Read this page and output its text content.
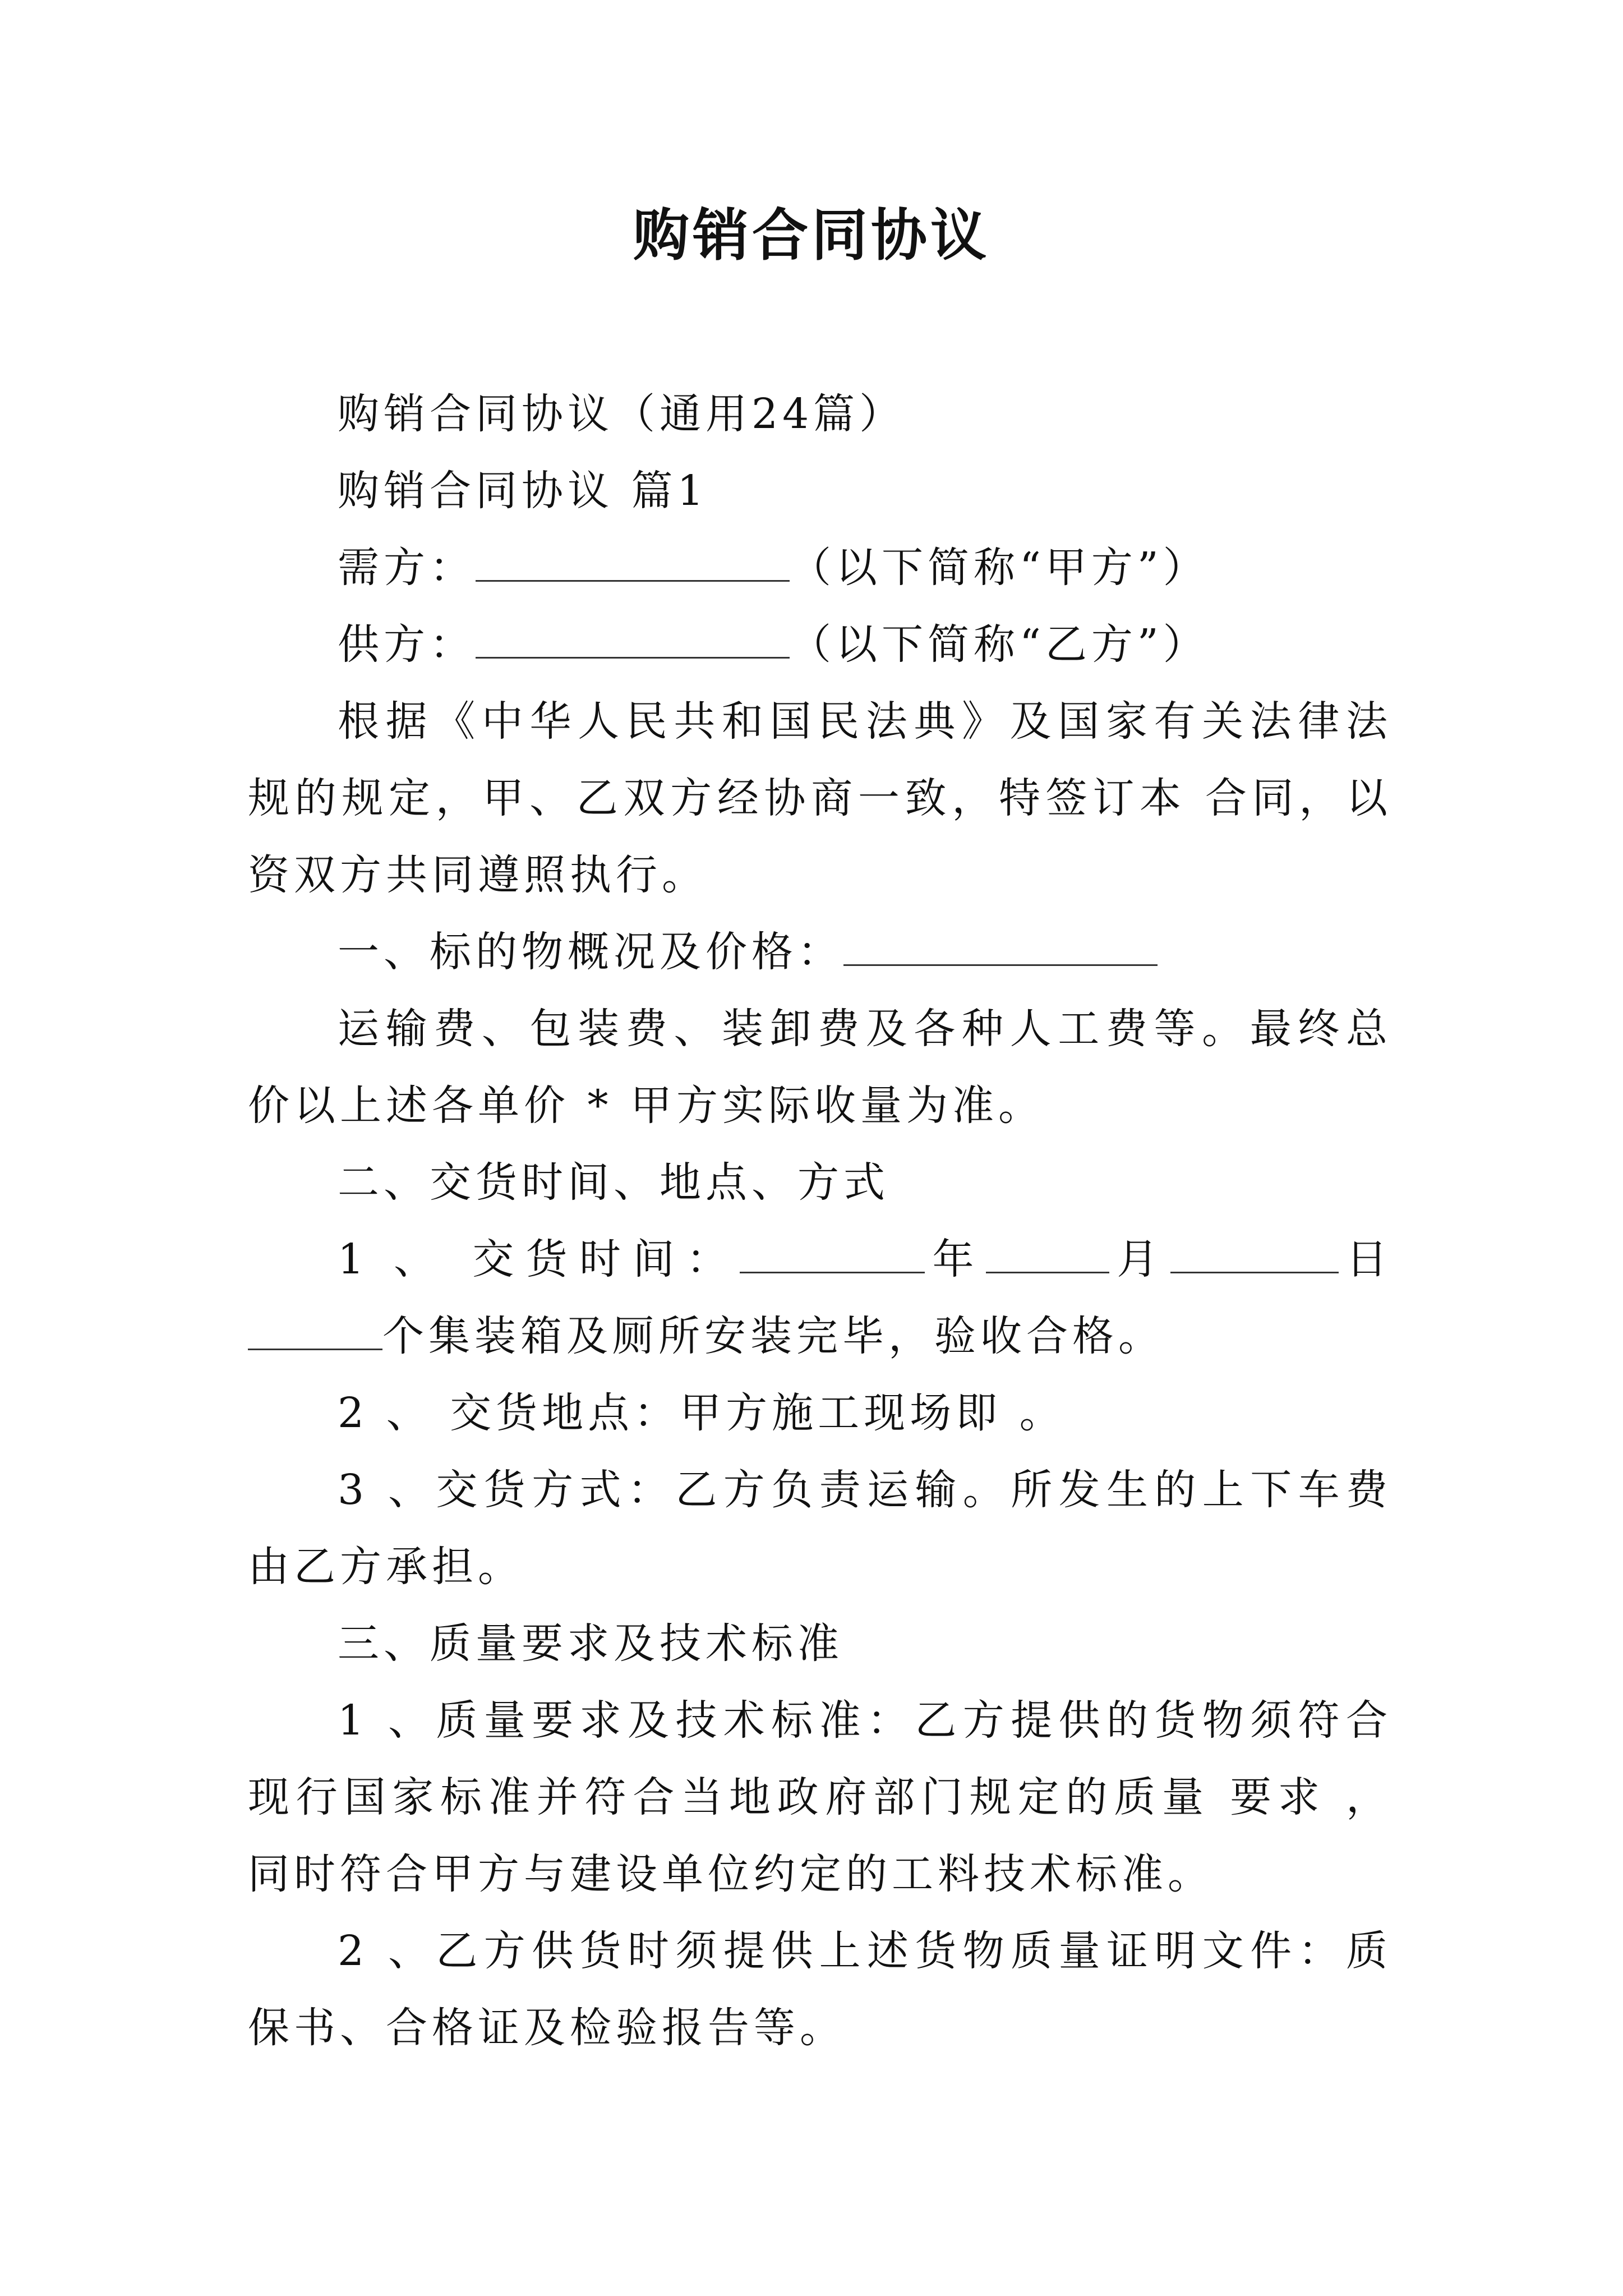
购销合同协议

购销合同协议（通用24篇）

购销合同协议 篇1

需方：	（以下简称“甲方”）

供方：	（以下简称“乙方”）

根据《中华人民共和国民法典》及国家有关法律法规的规定，甲、乙双方经协商一致，特签订本 合同，以资双方共同遵照执行。

一、标的物概况及价格：

运输费、包装费、装卸费及各种人工费等。最终总价以上述各单价 * 甲方实际收量为准。

二、交货时间、地点、方式

1 、 交货时间：	年	月	日个集装箱及厕所安装完毕，验收合格。

2 、 交货地点：甲方施工现场即 。

3 、交货方式：乙方负责运输。所发生的上下车费由乙方承担。

三、质量要求及技术标准

1 、质量要求及技术标准：乙方提供的货物须符合现行国家标准并符合当地政府部门规定的质量 要求 ， 同时符合甲方与建设单位约定的工料技术标准。

2 、乙方供货时须提供上述货物质量证明文件：质保书、合格证及检验报告等。
